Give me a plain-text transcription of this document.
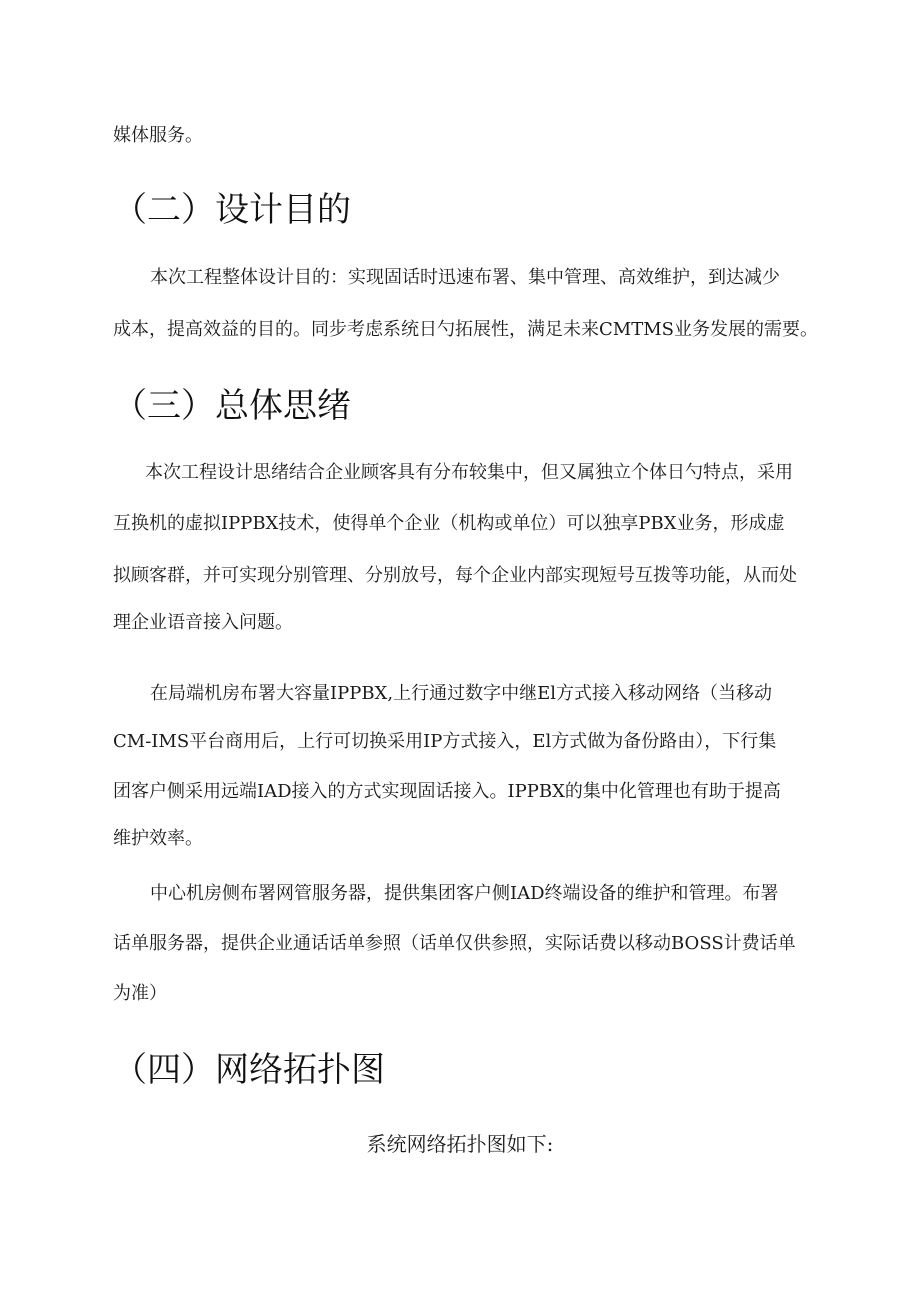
媒体服务。
（二）设计目的
本次工程整体设计目的：实现固话时迅速布署、集中管理、高效维护，到达减少
成本，提高效益的目的。同步考虑系统日勺拓展性，满足未来CMTMS业务发展的需要。
（三）总体思绪
本次工程设计思绪结合企业顾客具有分布较集中，但又属独立个体日勺特点，采用
互换机的虚拟IPPBX技术，使得单个企业（机构或单位）可以独享PBX业务，形成虚
拟顾客群，并可实现分别管理、分别放号，每个企业内部实现短号互拨等功能，从而处
理企业语音接入问题。
在局端机房布署大容量IPPBX,上行通过数字中继El方式接入移动网络（当移动
CM-IMS平台商用后，上行可切换采用IP方式接入，El方式做为备份路由），下行集
团客户侧采用远端IAD接入的方式实现固话接入。IPPBX的集中化管理也有助于提高
维护效率。
中心机房侧布署网管服务器，提供集团客户侧IAD终端设备的维护和管理。布署
话单服务器，提供企业通话话单参照（话单仅供参照，实际话费以移动BOSS计费话单
为准）
（四）网络拓扑图
系统网络拓扑图如下:
